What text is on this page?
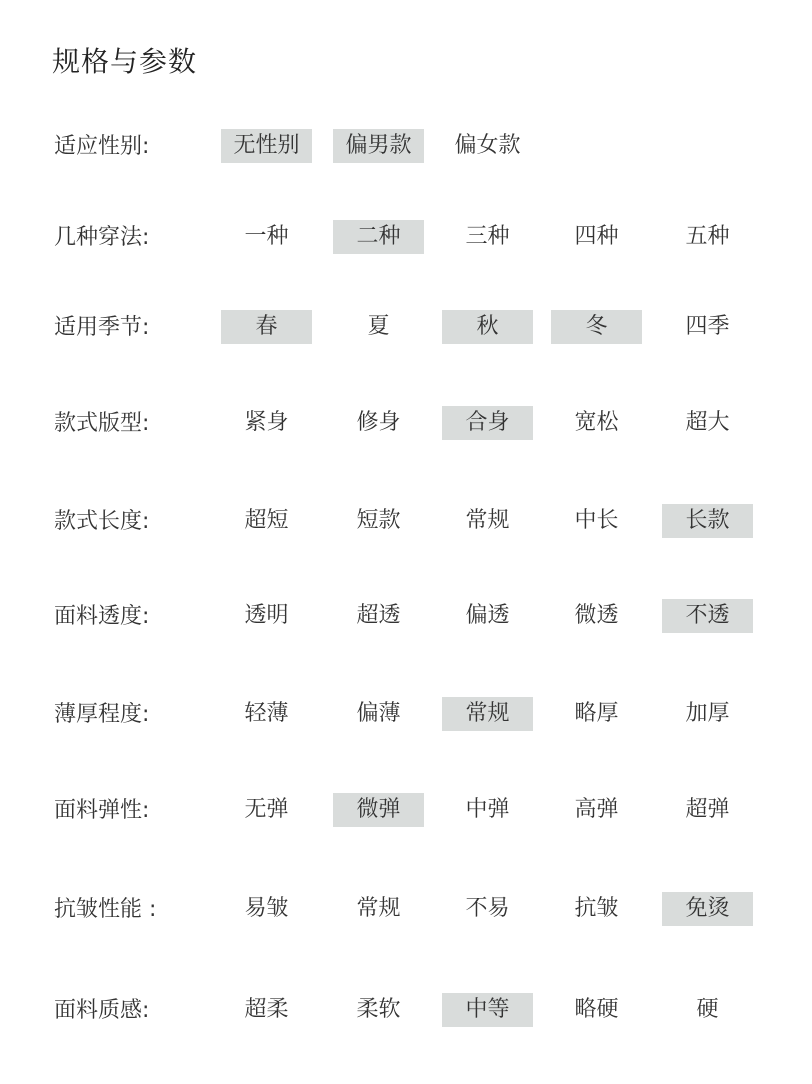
规格与参数
适应性别:	无性别	偏男款	偏女款
几种穿法:	一种	二种	三种	四种	五种
适用季节:	春	夏	秋	冬	四季
款式版型:	紧身	修身	合身	宽松	超大
款式长度:	超短	短款	常规	中长	长款
面料透度:	透明	超透	偏透	微透	不透
薄厚程度:	轻薄	偏薄	常规	略厚	加厚
面料弹性:	无弹	微弹	中弹	高弹	超弹
抗皱性能 :	易皱	常规	不易	抗皱	免烫
面料质感:	超柔	柔软	中等	略硬	硬
